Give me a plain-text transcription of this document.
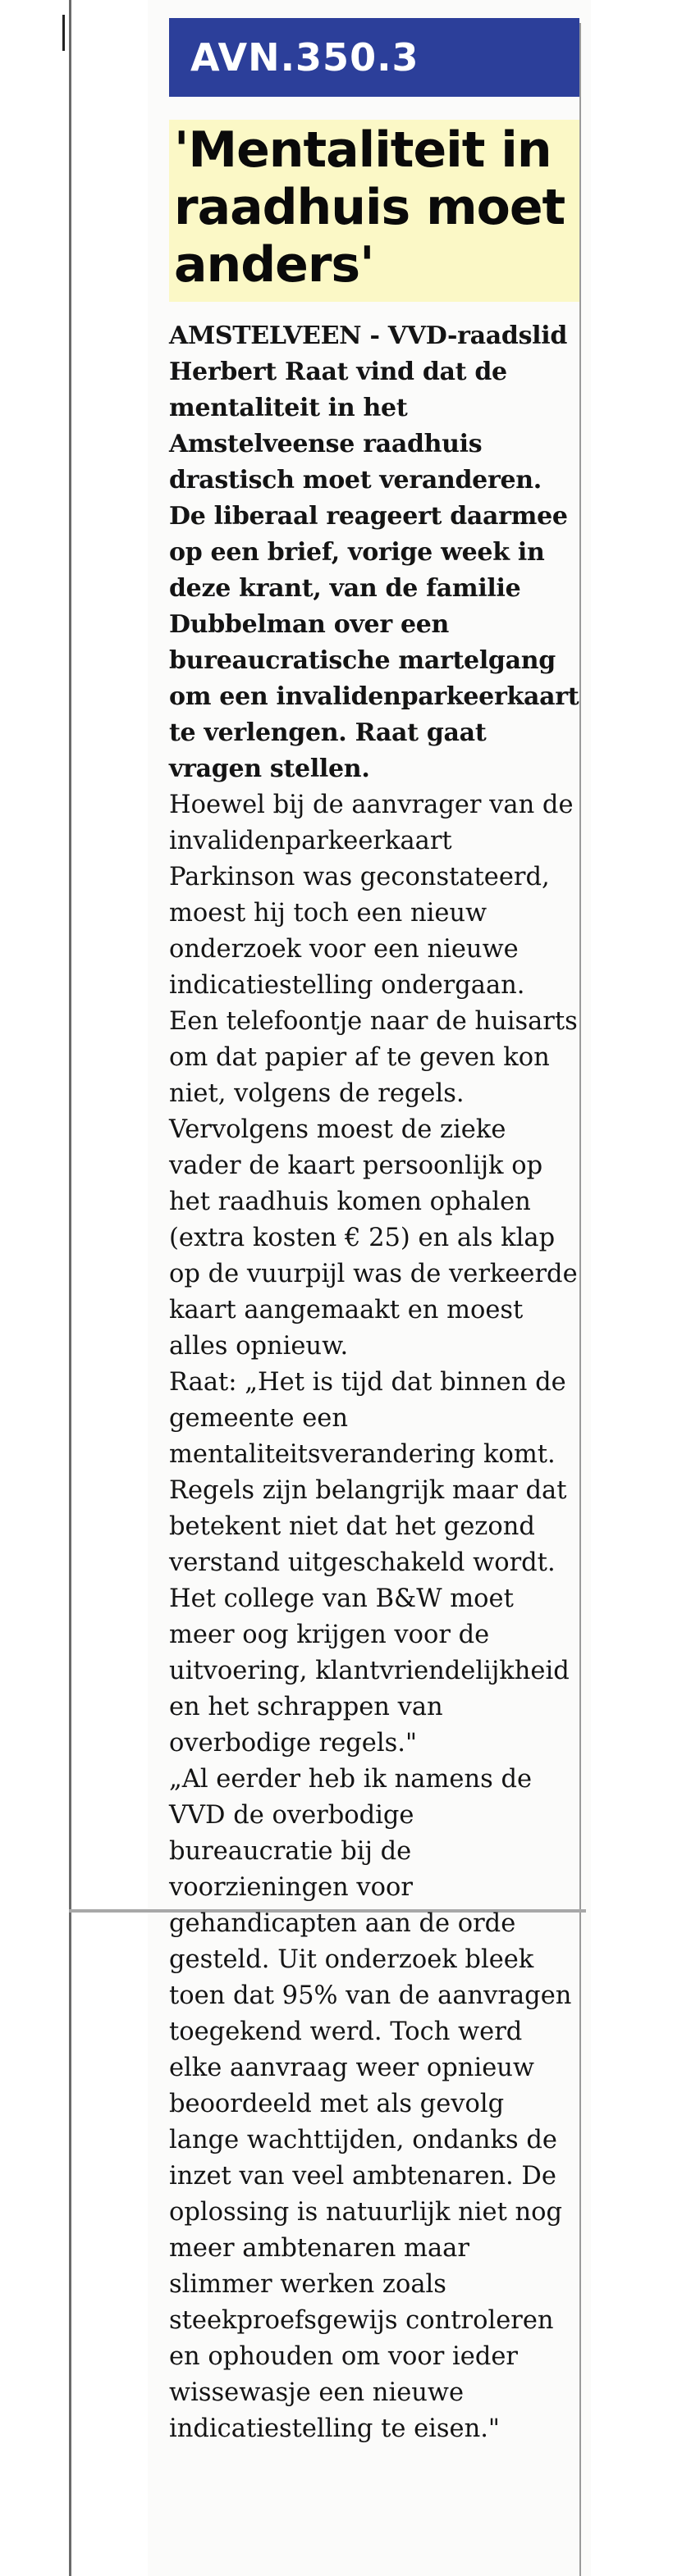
AVN.350.3
'Mentaliteit in raadhuis moet anders'

AMSTELVEEN - VVD-raadslid Herbert Raat vind dat de mentaliteit in het Amstelveense raadhuis drastisch moet veranderen. De liberaal reageert daarmee op een brief, vorige week in deze krant, van de familie Dubbelman over een bureaucratische martelgang om een invalidenparkeerkaart te verlengen. Raat gaat vragen stellen.

Hoewel bij de aanvrager van de invalidenparkeerkaart Parkinson was geconstateerd, moest hij toch een nieuw onderzoek voor een nieuwe indicatiestelling ondergaan. Een telefoontje naar de huisarts om dat papier af te geven kon niet, volgens de regels. Vervolgens moest de zieke vader de kaart persoonlijk op het raadhuis komen ophalen (extra kosten € 25) en als klap op de vuurpijl was de verkeerde kaart aangemaakt en moest alles opnieuw.

Raat: „Het is tijd dat binnen de gemeente een mentaliteitsverandering komt. Regels zijn belangrijk maar dat betekent niet dat het gezond verstand uitgeschakeld wordt. Het college van B&W moet meer oog krijgen voor de uitvoering, klantvriendelijkheid en het schrappen van overbodige regels."

„Al eerder heb ik namens de VVD de overbodige bureaucratie bij de voorzieningen voor gehandicapten aan de orde gesteld. Uit onderzoek bleek toen dat 95% van de aanvragen toegekend werd. Toch werd elke aanvraag weer opnieuw beoordeeld met als gevolg lange wachttijden, ondanks de inzet van veel ambtenaren. De oplossing is natuurlijk niet nog meer ambtenaren maar slimmer werken zoals steekproefsgewijs controleren en ophouden om voor ieder wissewasje een nieuwe indicatiestelling te eisen."
